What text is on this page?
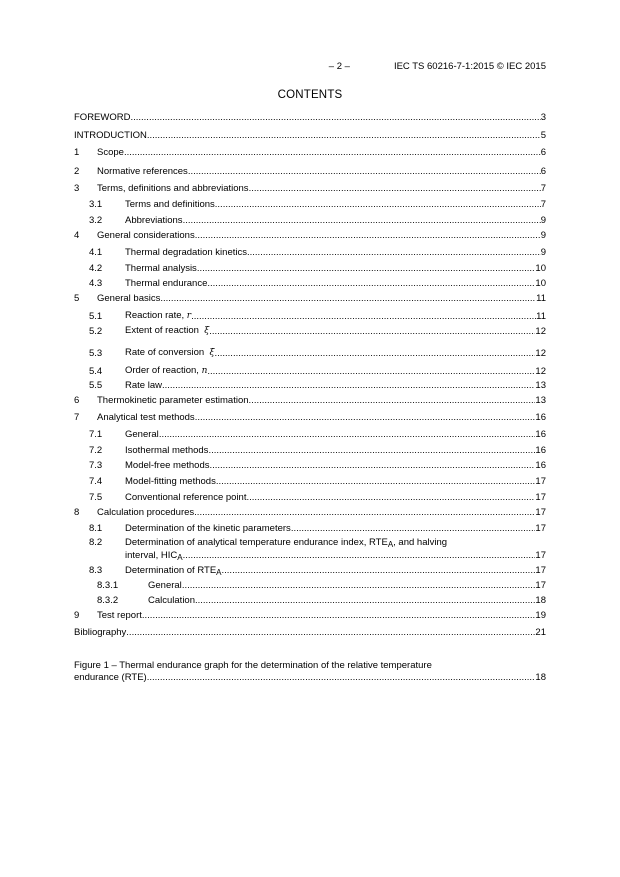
– 2 –	IEC TS 60216-7-1:2015 © IEC 2015
CONTENTS
FOREWORD .....	3
INTRODUCTION .....	5
1	Scope .....	6
2	Normative references .....	6
3	Terms, definitions and abbreviations .....	7
3.1	Terms and definitions .....	7
3.2	Abbreviations .....	9
4	General considerations .....	9
4.1	Thermal degradation kinetics .....	9
4.2	Thermal analysis .....	10
4.3	Thermal endurance .....	10
5	General basics .....	11
5.1	Reaction rate, r .....	11
5.2	Extent of reaction ξ .....	12
5.3	Rate of conversion ξ̇ .....	12
5.4	Order of reaction, n .....	12
5.5	Rate law .....	13
6	Thermokinetic parameter estimation .....	13
7	Analytical test methods .....	16
7.1	General .....	16
7.2	Isothermal methods .....	16
7.3	Model-free methods .....	16
7.4	Model-fitting methods .....	17
7.5	Conventional reference point .....	17
8	Calculation procedures .....	17
8.1	Determination of the kinetic parameters .....	17
8.2	Determination of analytical temperature endurance index, $RTE_A$, and halving
interval, $HIC_A$ .....	17
8.3	Determination of $RTE_A$ .....	17
8.3.1	General .....	17
8.3.2	Calculation .....	18
9	Test report .....	19
Bibliography .....	21
Figure 1 – Thermal endurance graph for the determination of the relative temperature
endurance (RTE) .....	18
